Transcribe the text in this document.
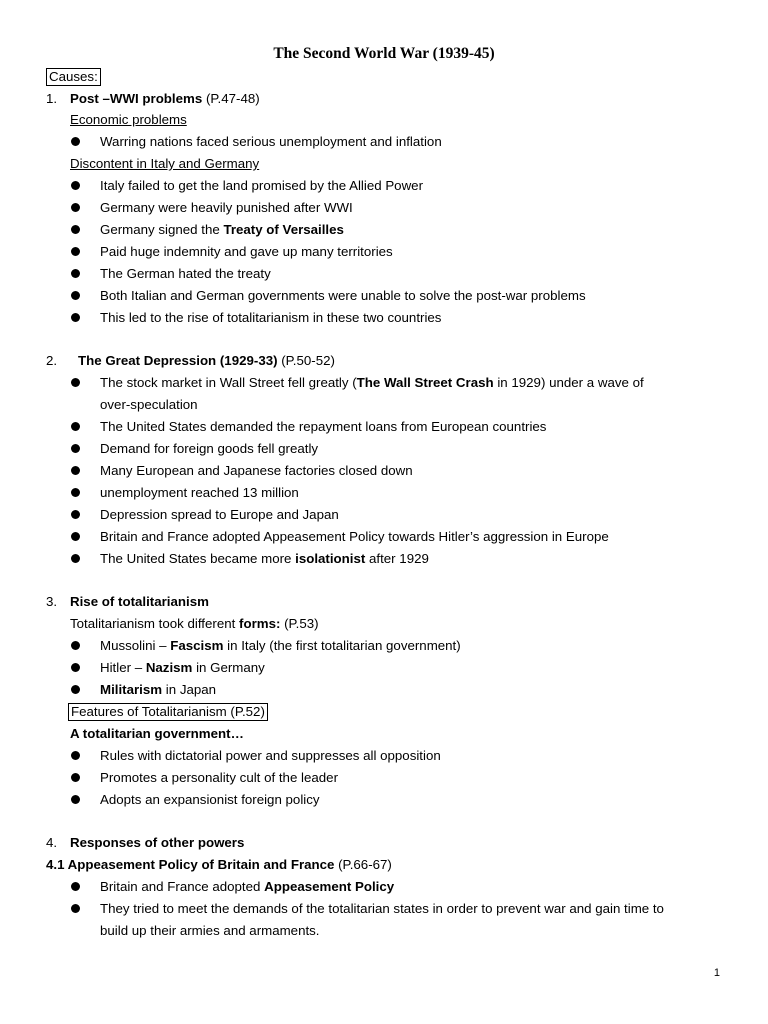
The Second World War (1939-45)
Causes:
1. Post –WWI problems (P.47-48)
Economic problems
Warring nations faced serious unemployment and inflation
Discontent in Italy and Germany
Italy failed to get the land promised by the Allied Power
Germany were heavily punished after WWI
Germany signed the Treaty of Versailles
Paid huge indemnity and gave up many territories
The German hated the treaty
Both Italian and German governments were unable to solve the post-war problems
This led to the rise of totalitarianism in these two countries
2. The Great Depression (1929-33) (P.50-52)
The stock market in Wall Street fell greatly (The Wall Street Crash in 1929) under a wave of
over-speculation
The United States demanded the repayment loans from European countries
Demand for foreign goods fell greatly
Many European and Japanese factories closed down
unemployment reached 13 million
Depression spread to Europe and Japan
Britain and France adopted Appeasement Policy towards Hitler’s aggression in Europe
The United States became more isolationist after 1929
3. Rise of totalitarianism
Totalitarianism took different forms: (P.53)
Mussolini – Fascism in Italy (the first totalitarian government)
Hitler – Nazism in Germany
Militarism in Japan
Features of Totalitarianism (P.52)
A totalitarian government…
Rules with dictatorial power and suppresses all opposition
Promotes a personality cult of the leader
Adopts an expansionist foreign policy
4. Responses of other powers
4.1 Appeasement Policy of Britain and France (P.66-67)
Britain and France adopted Appeasement Policy
They tried to meet the demands of the totalitarian states in order to prevent war and gain time to
build up their armies and armaments.
1
